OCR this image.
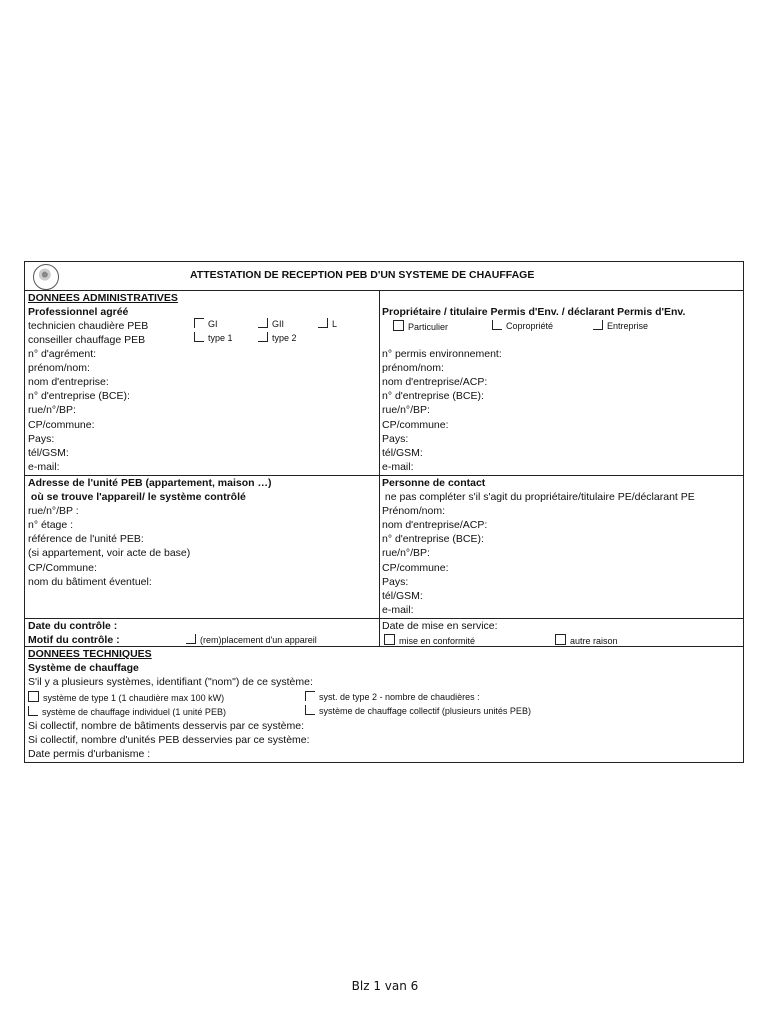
ATTESTATION DE RECEPTION PEB D'UN SYSTEME DE CHAUFFAGE
DONNEES ADMINISTRATIVES
Professionnel agréé
technicien chaudière PEB
conseiller chauffage PEB
GI	GII	L
type 1	type 2
n° d'agrément:
prénom/nom:
nom d'entreprise:
n° d'entreprise (BCE):
rue/n°/BP:
CP/commune:
Pays:
tél/GSM:
e-mail:
Propriétaire / titulaire Permis d'Env. / déclarant Permis d'Env.
Particulier	Copropriété	Entreprise
n° permis environnement:
prénom/nom:
nom d'entreprise/ACP:
n° d'entreprise (BCE):
rue/n°/BP:
CP/commune:
Pays:
tél/GSM:
e-mail:
Adresse de l'unité PEB (appartement, maison …)
où se trouve l'appareil/ le système contrôlé
rue/n°/BP :
n° étage :
référence de l'unité PEB:
(si appartement, voir acte de base)
CP/Commune:
nom du bâtiment éventuel:
Personne de contact
ne pas compléter s'il s'agit du propriétaire/titulaire PE/déclarant PE
Prénom/nom:
nom d'entreprise/ACP:
n° d'entreprise (BCE):
rue/n°/BP:
CP/commune:
Pays:
tél/GSM:
e-mail:
Date du contrôle :
Motif du contrôle :	(rem)placement d'un appareil
Date de mise en service:
mise en conformité	autre raison
DONNEES TECHNIQUES
Système de chauffage
S'il y a plusieurs systèmes, identifiant ("nom") de ce système:
système de type 1 (1 chaudière max 100 kW)	syst. de type 2 - nombre de chaudières :
système de chauffage individuel (1 unité PEB)	système de chauffage collectif (plusieurs unités PEB)
Si collectif, nombre de bâtiments desservis par ce système:
Si collectif, nombre d'unités PEB desservies par ce système:
Date permis d'urbanisme :
Blz 1 van 6
